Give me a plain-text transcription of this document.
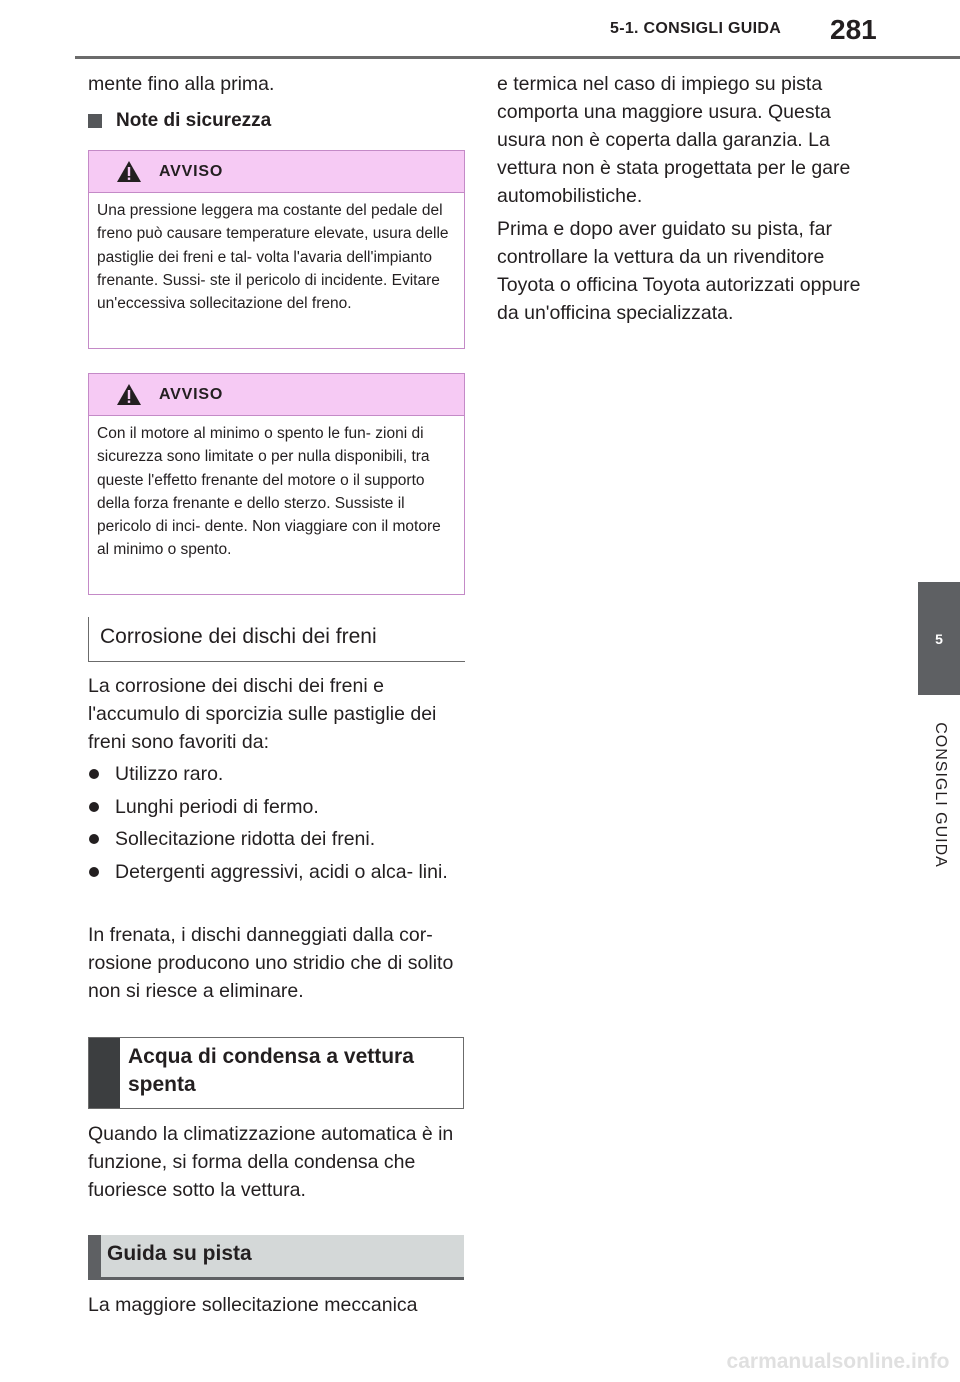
5-1. CONSIGLI GUIDA 281
5
CONSIGLI GUIDA
mente fino alla prima.
Note di sicurezza
AVVISO
Una pressione leggera ma costante del pedale del freno può causare temperature elevate, usura delle pastiglie dei freni e tal- volta l'avaria dell'impianto frenante. Sussi- ste il pericolo di incidente. Evitare un'eccessiva sollecitazione del freno.
AVVISO
Con il motore al minimo o spento le fun- zioni di sicurezza sono limitate o per nulla disponibili, tra queste l'effetto frenante del motore o il supporto della forza frenante e dello sterzo. Sussiste il pericolo di inci- dente. Non viaggiare con il motore al minimo o spento.
Corrosione dei dischi dei freni
La corrosione dei dischi dei freni e l'accumulo di sporcizia sulle pastiglie dei freni sono favoriti da:
Utilizzo raro.
Lunghi periodi di fermo.
Sollecitazione ridotta dei freni.
Detergenti aggressivi, acidi o alca- lini.
In frenata, i dischi danneggiati dalla cor- rosione producono uno stridio che di solito non si riesce a eliminare.
Acqua di condensa a vettura spenta
Quando la climatizzazione automatica è in funzione, si forma della condensa che fuoriesce sotto la vettura.
Guida su pista
La maggiore sollecitazione meccanica
e termica nel caso di impiego su pista comporta una maggiore usura. Questa usura non è coperta dalla garanzia. La vettura non è stata progettata per le gare automobilistiche.
Prima e dopo aver guidato su pista, far controllare la vettura da un rivenditore Toyota o officina Toyota autorizzati oppure da un'officina specializzata.
carmanualsonline.info
